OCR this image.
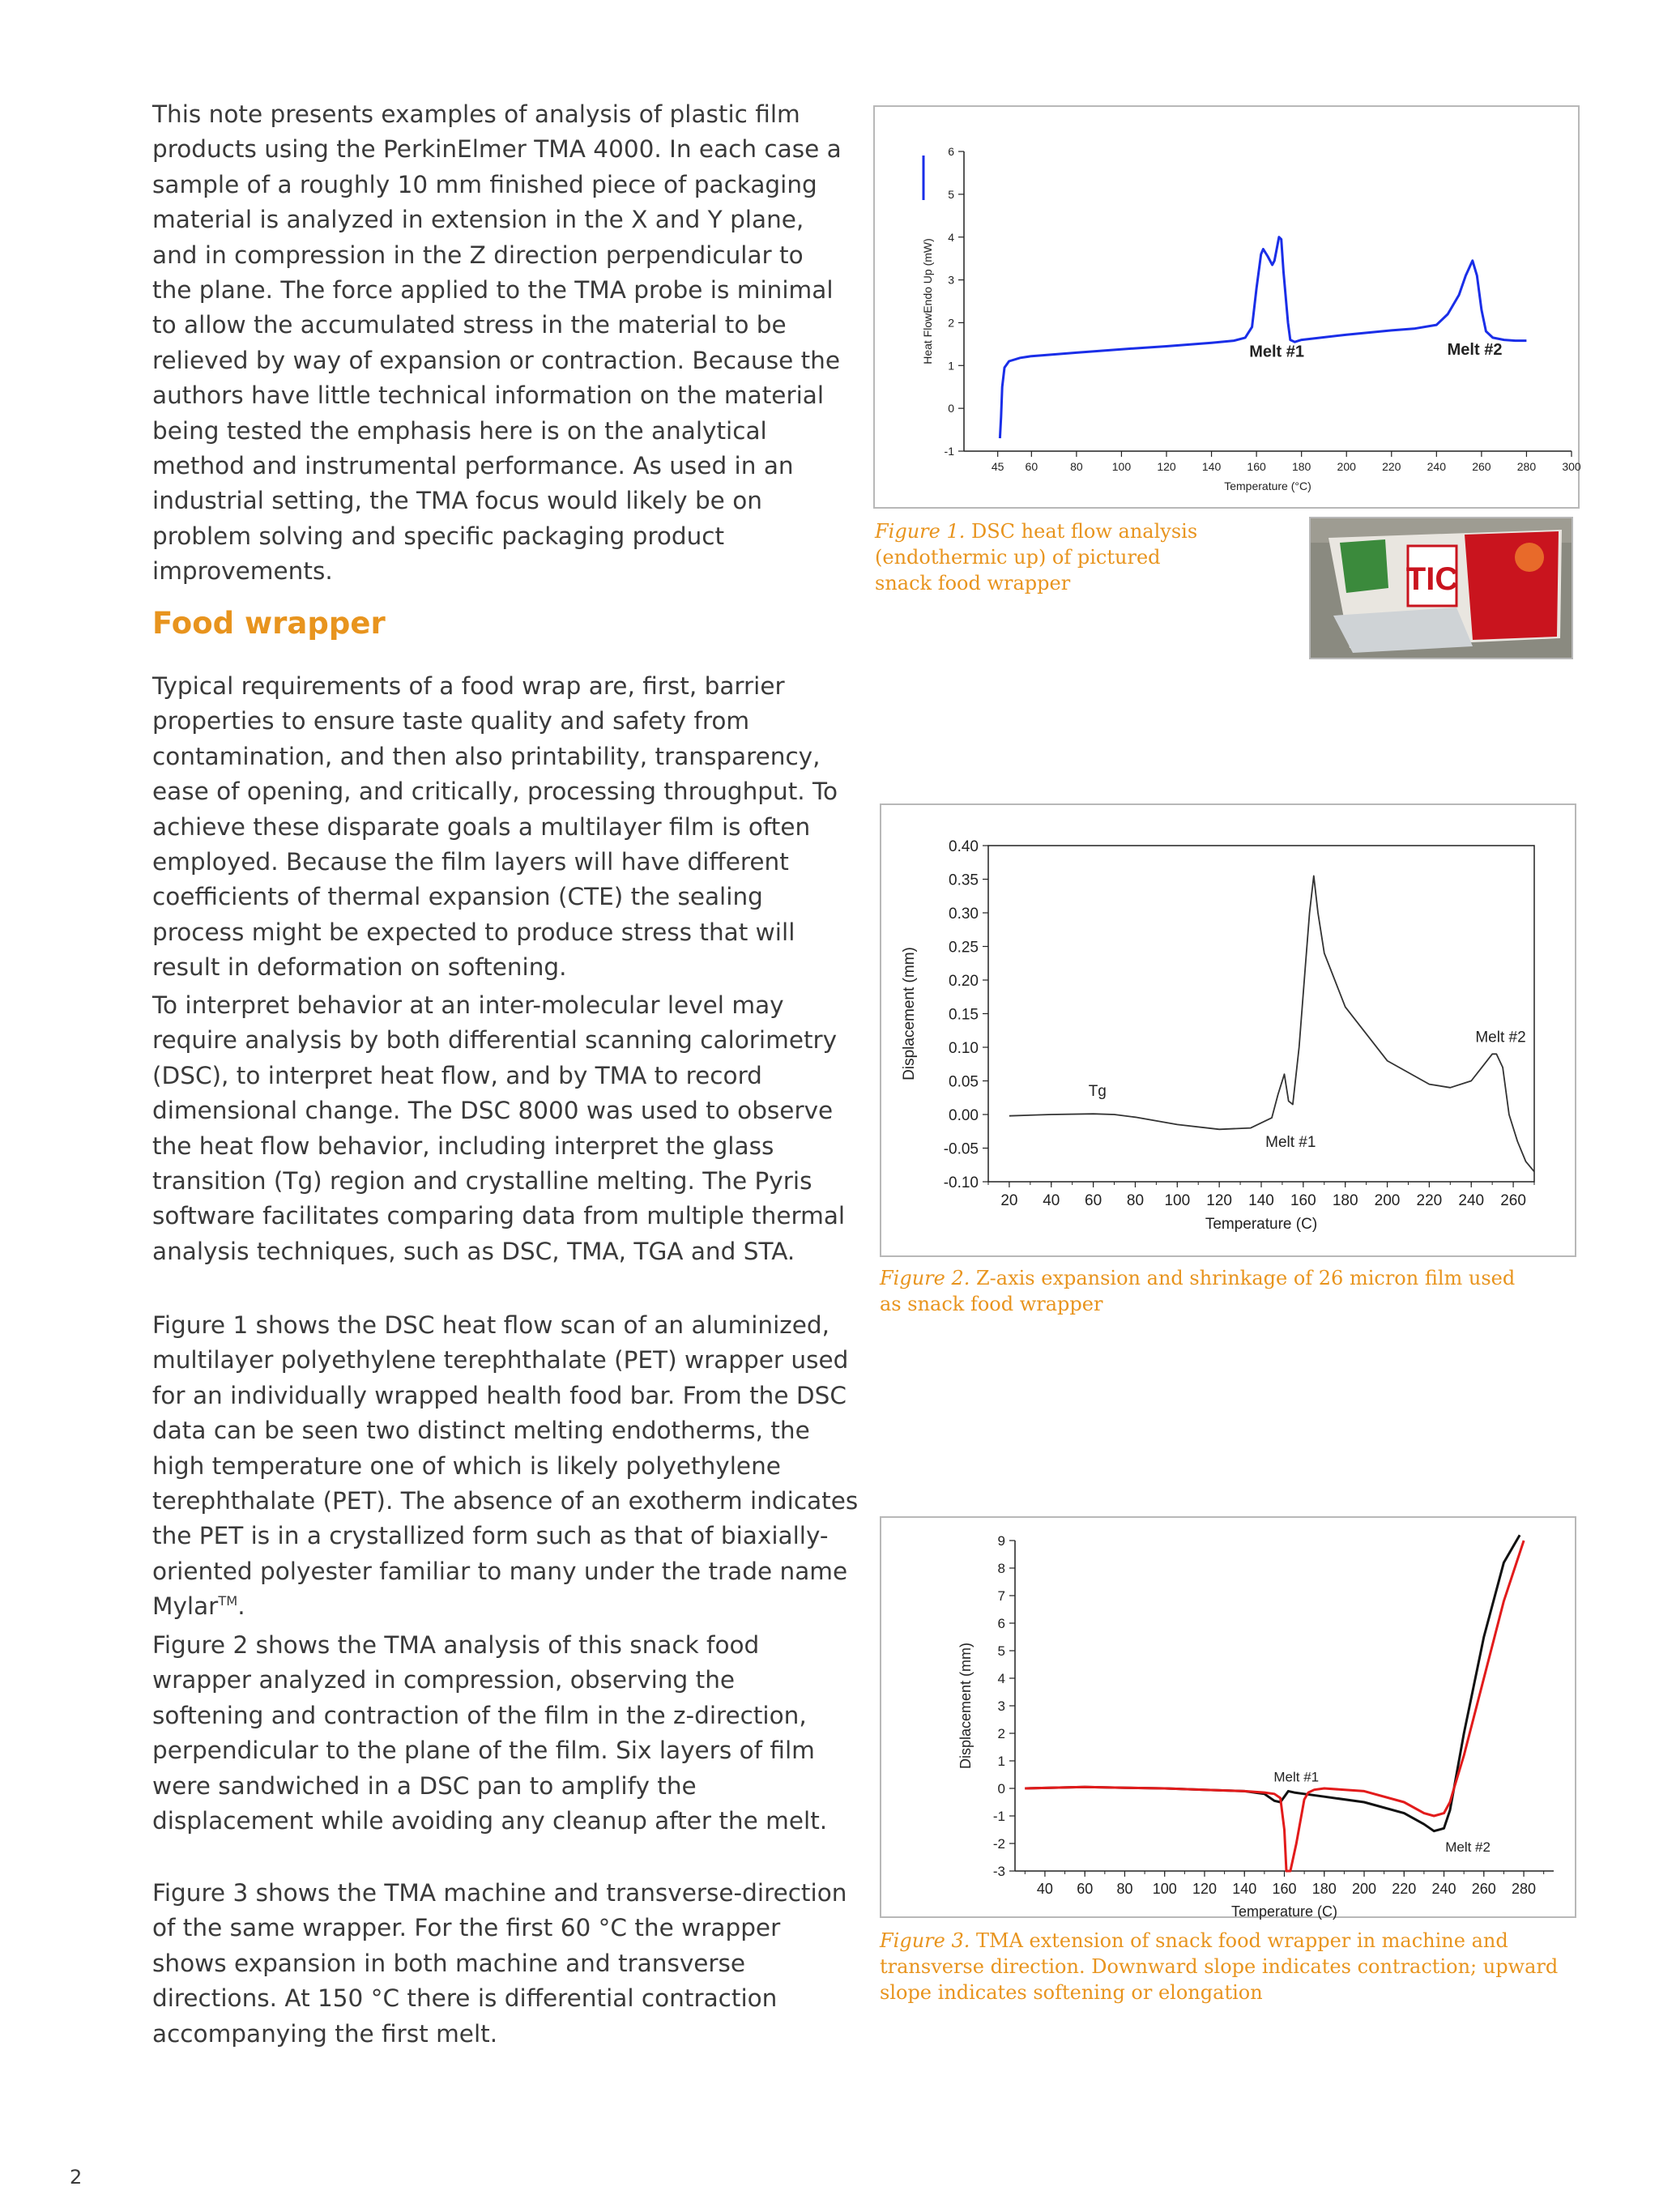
This note presents examples of analysis of plastic film products using the PerkinElmer TMA 4000. In each case a sample of a roughly 10 mm finished piece of packaging material is analyzed in extension in the X and Y plane, and in compression in the Z direction perpendicular to the plane. The force applied to the TMA probe is minimal to allow the accumulated stress in the material to be relieved by way of expansion or contraction. Because the authors have little technical information on the material being tested the emphasis here is on the analytical method and instrumental performance. As used in an industrial setting, the TMA focus would likely be on problem solving and specific packaging product improvements.

Food wrapper

Typical requirements of a food wrap are, first, barrier properties to ensure taste quality and safety from contamination, and then also printability, transparency, ease of opening, and critically, processing throughput. To achieve these disparate goals a multilayer film is often employed. Because the film layers will have different coefficients of thermal expansion (CTE) the sealing process might be expected to produce stress that will result in deformation on softening.

To interpret behavior at an inter-molecular level may require analysis by both differential scanning calorimetry (DSC), to interpret heat flow, and by TMA to record dimensional change. The DSC 8000 was used to observe the heat flow behavior, including interpret the glass transition (Tg) region and crystalline melting. The Pyris software facilitates comparing data from multiple thermal analysis techniques, such as DSC, TMA, TGA and STA.

Figure 1 shows the DSC heat flow scan of an aluminized, multilayer polyethylene terephthalate (PET) wrapper used for an individually wrapped health food bar. From the DSC data can be seen two distinct melting endotherms, the high temperature one of which is likely polyethylene terephthalate (PET). The absence of an exotherm indicates the PET is in a crystallized form such as that of biaxially-oriented polyester familiar to many under the trade name Mylar™.

Figure 2 shows the TMA analysis of this snack food wrapper analyzed in compression, observing the softening and contraction of the film in the z-direction, perpendicular to the plane of the film. Six layers of film were sandwiched in a DSC pan to amplify the displacement while avoiding any cleanup after the melt.

Figure 3 shows the TMA machine and transverse-direction of the same wrapper. For the first 60 °C the wrapper shows expansion in both machine and transverse directions. At 150 °C there is differential contraction accompanying the first melt.

-1
0
1
2
3
4
5
6
45 60	80	100 120 140 160 180 200 220 240 260 280 300
Temperature (°C)
Heat FlowEndo Up (mW)	Melt #1	Melt #2

Figure 1. DSC heat flow analysis (endothermic up) of pictured snack food wrapper	TIC
0.40
0.35
0.30
0.25
0.20
0.15
0.10
0.05
0.00
-0.05
-0.10
20 40 60 80 100 120 140 160 180 200 220 240 260
Temperature (C)
Displacement (mm)
Tg
Melt #1
Melt #2

Figure 2. Z-axis expansion and shrinkage of 26 micron film used as snack food wrapper

9
8
7
6
5
4
3
2
1
0
-1
-2
-3
40 60 80 100 120 140 160 180 200 220 240 260 280
Temperature (C)
Displacement (mm)
Melt #1
Melt #2

Figure 3. TMA extension of snack food wrapper in machine and transverse direction. Downward slope indicates contraction; upward slope indicates softening or elongation

2
